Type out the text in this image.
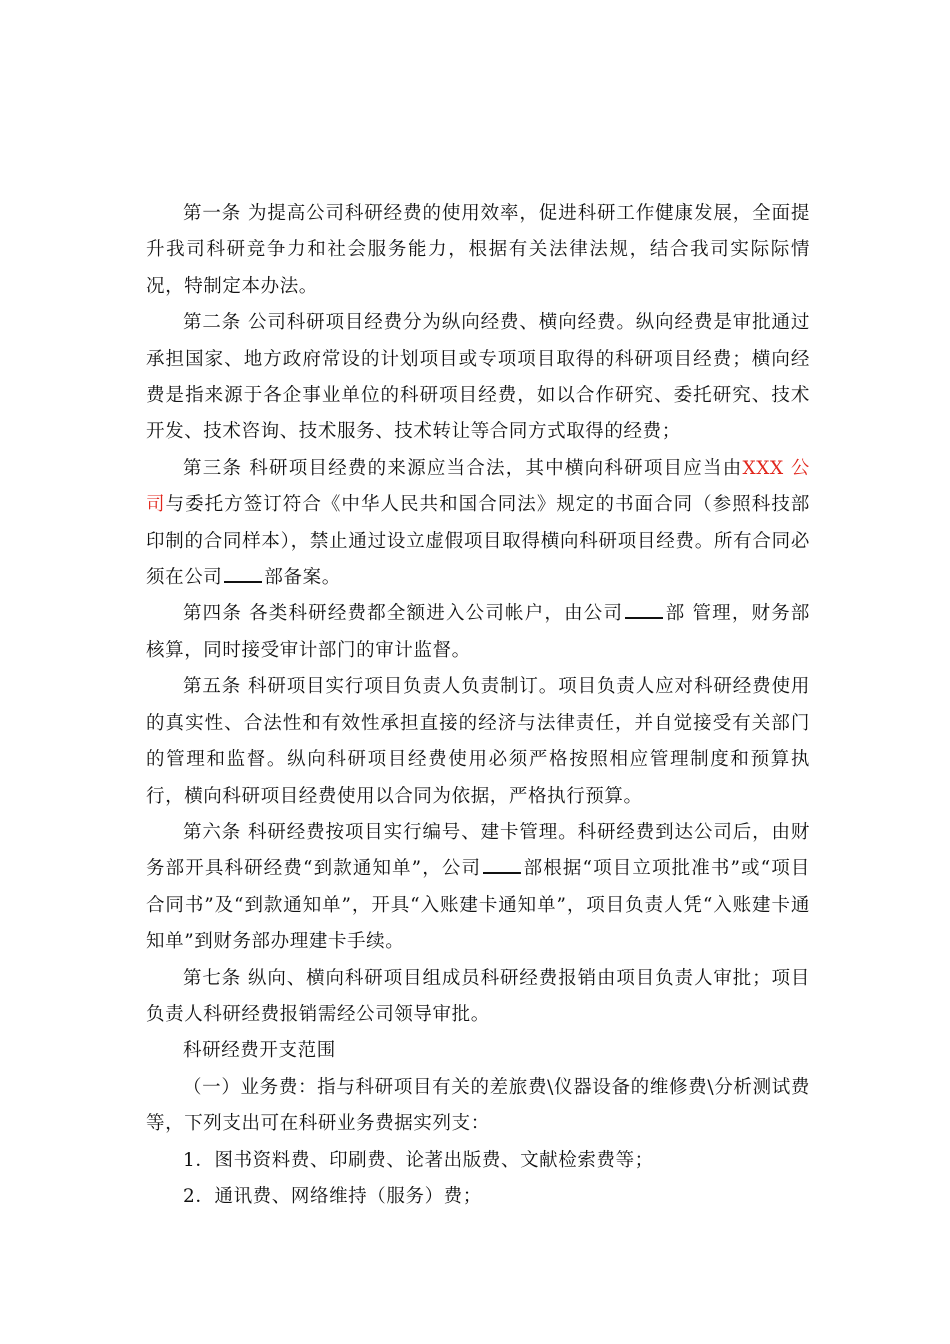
第一条 为提高公司科研经费的使用效率，促进科研工作健康发展，全面提升我司科研竞争力和社会服务能力，根据有关法律法规，结合我司实际际情况，特制定本办法。

第二条 公司科研项目经费分为纵向经费、横向经费。纵向经费是审批通过承担国家、地方政府常设的计划项目或专项项目取得的科研项目经费；横向经费是指来源于各企事业单位的科研项目经费，如以合作研究、委托研究、技术开发、技术咨询、技术服务、技术转让等合同方式取得的经费；

第三条 科研项目经费的来源应当合法，其中横向科研项目应当由XXX 公司与委托方签订符合《中华人民共和国合同法》规定的书面合同（参照科技部印制的合同样本），禁止通过设立虚假项目取得横向科研项目经费。所有合同必须在公司 部备案。

第四条 各类科研经费都全额进入公司帐户，由公司 部 管理，财务部核算，同时接受审计部门的审计监督。

第五条 科研项目实行项目负责人负责制订。项目负责人应对科研经费使用的真实性、合法性和有效性承担直接的经济与法律责任，并自觉接受有关部门的管理和监督。纵向科研项目经费使用必须严格按照相应管理制度和预算执行，横向科研项目经费使用以合同为依据，严格执行预算。

第六条 科研经费按项目实行编号、建卡管理。科研经费到达公司后，由财务部开具科研经费“到款通知单”，公司 部根据“项目立项批准书”或“项目合同书”及“到款通知单”，开具“入账建卡通知单”，项目负责人凭“入账建卡通知单”到财务部办理建卡手续。

第七条 纵向、横向科研项目组成员科研经费报销由项目负责人审批；项目负责人科研经费报销需经公司领导审批。

科研经费开支范围

（一）业务费：指与科研项目有关的差旅费\仪器设备的维修费\分析测试费等，下列支出可在科研业务费据实列支：

1．图书资料费、印刷费、论著出版费、文献检索费等；

2．通讯费、网络维持（服务）费；
